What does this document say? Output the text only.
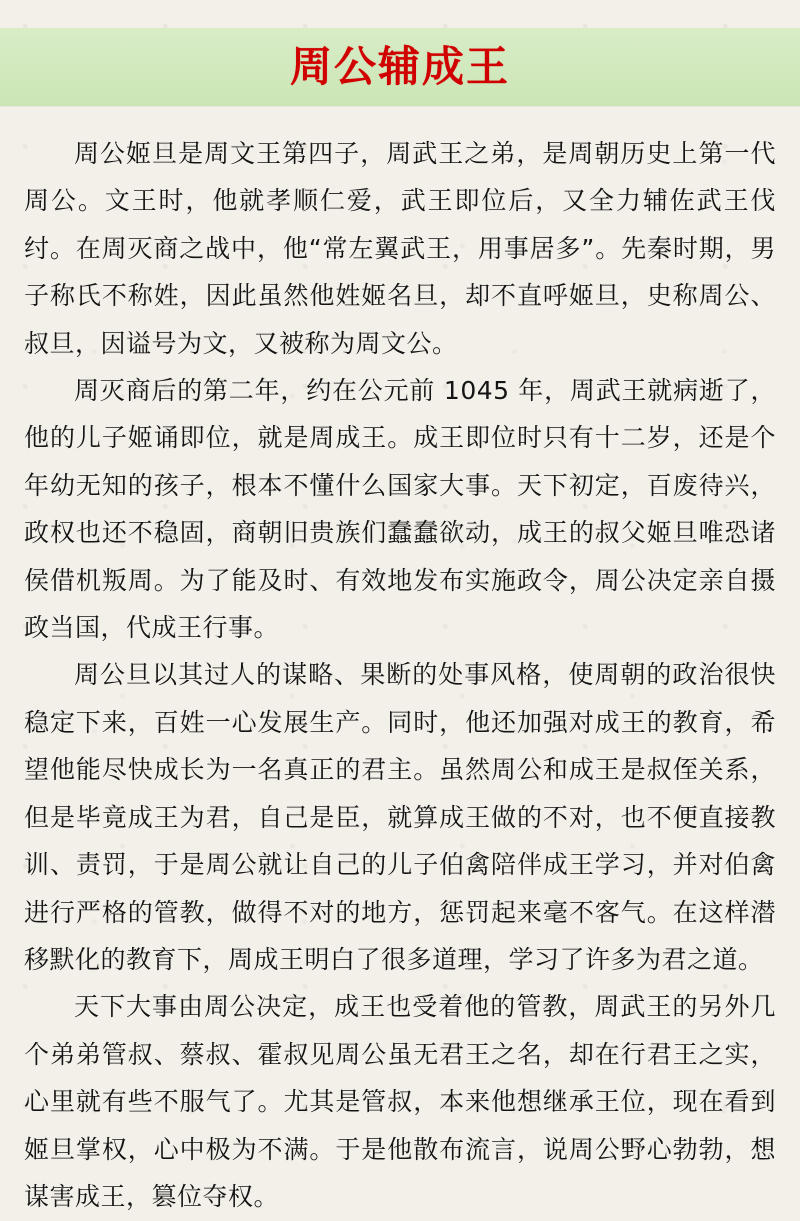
周公辅成王

周公姬旦是周文王第四子，周武王之弟，是周朝历史上第一代周公。文王时，他就孝顺仁爱，武王即位后，又全力辅佐武王伐纣。在周灭商之战中，他“常左翼武王，用事居多”。先秦时期，男子称氏不称姓，因此虽然他姓姬名旦，却不直呼姬旦，史称周公、叔旦，因谥号为文，又被称为周文公。

周灭商后的第二年，约在公元前 1045 年，周武王就病逝了，他的儿子姬诵即位，就是周成王。成王即位时只有十二岁，还是个年幼无知的孩子，根本不懂什么国家大事。天下初定，百废待兴，政权也还不稳固，商朝旧贵族们蠢蠢欲动，成王的叔父姬旦唯恐诸侯借机叛周。为了能及时、有效地发布实施政令，周公决定亲自摄政当国，代成王行事。

周公旦以其过人的谋略、果断的处事风格，使周朝的政治很快稳定下来，百姓一心发展生产。同时，他还加强对成王的教育，希望他能尽快成长为一名真正的君主。虽然周公和成王是叔侄关系，但是毕竟成王为君，自己是臣，就算成王做的不对，也不便直接教训、责罚，于是周公就让自己的儿子伯禽陪伴成王学习，并对伯禽进行严格的管教，做得不对的地方，惩罚起来毫不客气。在这样潜移默化的教育下，周成王明白了很多道理，学习了许多为君之道。

天下大事由周公决定，成王也受着他的管教，周武王的另外几个弟弟管叔、蔡叔、霍叔见周公虽无君王之名，却在行君王之实，心里就有些不服气了。尤其是管叔，本来他想继承王位，现在看到姬旦掌权，心中极为不满。于是他散布流言，说周公野心勃勃，想谋害成王，篡位夺权。
